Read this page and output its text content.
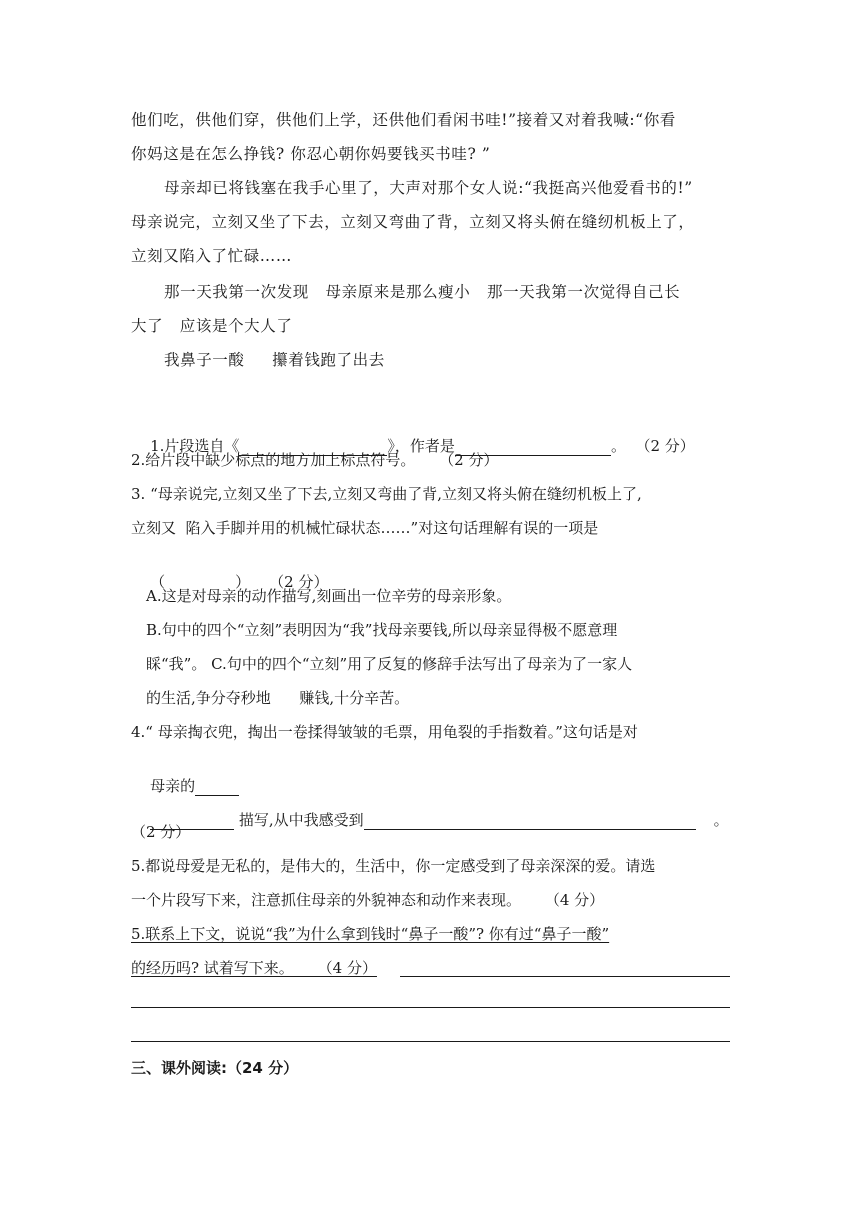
他们吃，供他们穿，供他们上学，还供他们看闲书哇!”接着又对着我喊:“你看
你妈这是在怎么挣钱? 你忍心朝你妈要钱买书哇? ”
母亲却已将钱塞在我手心里了，大声对那个女人说:“我挺高兴他爱看书的!”
母亲说完，立刻又坐了下去，立刻又弯曲了背，立刻又将头俯在缝纫机板上了，
立刻又陷入了忙碌……
那一天我第一次发现   母亲原来是那么瘦小   那一天我第一次觉得自己长
大了   应该是个大人了
我鼻子一酸     攥着钱跑了出去

1.片段选自《	》，作者是	。  （2 分）

2.给片段中缺少标点的地方加上标点符号。     （2 分）
3. “母亲说完,立刻又坐了下去,立刻又弯曲了背,立刻又将头俯在缝纫机板上了,
立刻又  陷入手脚并用的机械忙碌状态……”对这句话理解有误的一项是

（	）    （2 分）

A.这是对母亲的动作描写,刻画出一位辛劳的母亲形象。
B.句中的四个“立刻”表明因为“我”找母亲要钱,所以母亲显得极不愿意理
睬“我”。 C.句中的四个“立刻”用了反复的修辞手法写出了母亲为了一家人
的生活,争分夺秒地      赚钱,十分辛苦。
4.“ 母亲掏衣兜，掏出一卷揉得皱皱的毛票，用龟裂的手指数着。”这句话是对

母亲的

描写,从中我感受到	。

（2 分）
5.都说母爱是无私的，是伟大的，生活中，你一定感受到了母亲深深的爱。请选
一个片段写下来，注意抓住母亲的外貌神态和动作来表现。     （4 分）
5.联系上下文，说说“我”为什么拿到钱时“鼻子一酸”? 你有过“鼻子一酸”
的经历吗? 试着写下来。     （4 分）
三、课外阅读:（24 分）
